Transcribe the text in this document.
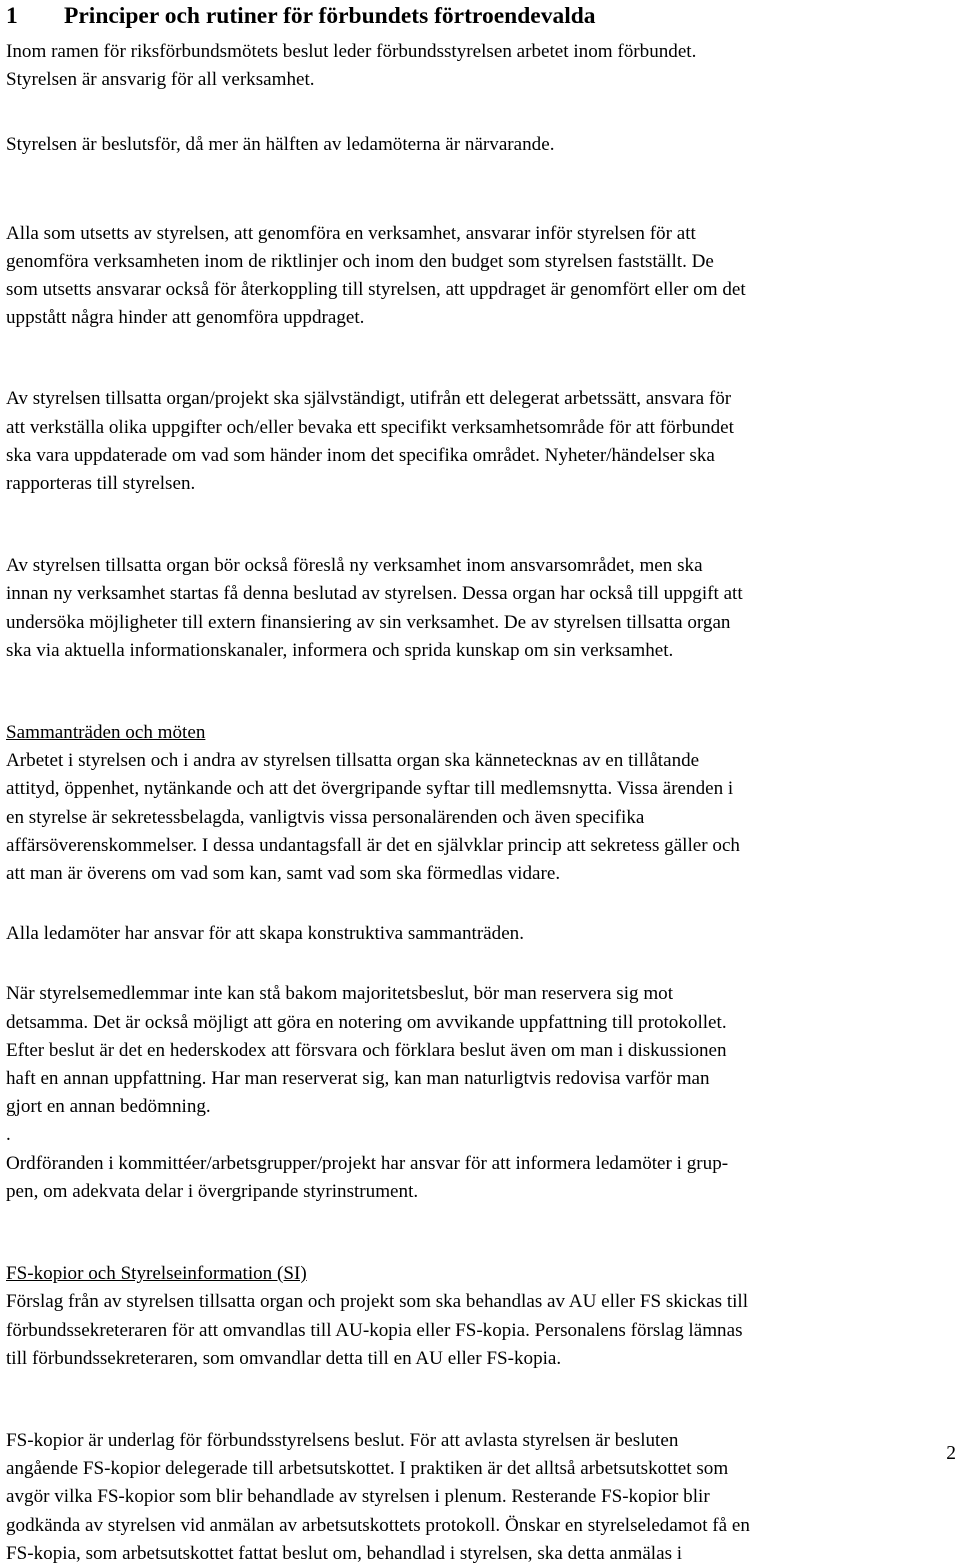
1 Principer och rutiner för förbundets förtroendevalda
Inom ramen för riksförbundsmötets beslut leder förbundsstyrelsen arbetet inom förbundet.
Styrelsen är ansvarig för all verksamhet.
Styrelsen är beslutsför, då mer än hälften av ledamöterna är närvarande.
Alla som utsetts av styrelsen, att genomföra en verksamhet, ansvarar inför styrelsen för att
genomföra verksamheten inom de riktlinjer och inom den budget som styrelsen fastställt. De
som utsetts ansvarar också för återkoppling till styrelsen, att uppdraget är genomfört eller om det
uppstått några hinder att genomföra uppdraget.
Av styrelsen tillsatta organ/projekt ska självständigt, utifrån ett delegerat arbetssätt, ansvara för
att verkställa olika uppgifter och/eller bevaka ett specifikt verksamhetsområde för att förbundet
ska vara uppdaterade om vad som händer inom det specifika området. Nyheter/händelser ska
rapporteras till styrelsen.
Av styrelsen tillsatta organ bör också föreslå ny verksamhet inom ansvarsområdet, men ska
innan ny verksamhet startas få denna beslutad av styrelsen. Dessa organ har också till uppgift att
undersöka möjligheter till extern finansiering av sin verksamhet. De av styrelsen tillsatta organ
ska via aktuella informationskanaler, informera och sprida kunskap om sin verksamhet.
Sammanträden och möten
Arbetet i styrelsen och i andra av styrelsen tillsatta organ ska kännetecknas av en tillåtande
attityd, öppenhet, nytänkande och att det övergripande syftar till medlemsnytta. Vissa ärenden i
en styrelse är sekretessbelagda, vanligtvis vissa personalärenden och även specifika
affärsöverenskommelser. I dessa undantagsfall är det en självklar princip att sekretess gäller och
att man är överens om vad som kan, samt vad som ska förmedlas vidare.
Alla ledamöter har ansvar för att skapa konstruktiva sammanträden.
När styrelsemedlemmar inte kan stå bakom majoritetsbeslut, bör man reservera sig mot
detsamma. Det är också möjligt att göra en notering om avvikande uppfattning till protokollet.
Efter beslut är det en hederskodex att försvara och förklara beslut även om man i diskussionen
haft en annan uppfattning. Har man reserverat sig, kan man naturligtvis redovisa varför man
gjort en annan bedömning.
.
Ordföranden i kommittéer/arbetsgrupper/projekt har ansvar för att informera ledamöter i grup-
pen, om adekvata delar i övergripande styrinstrument.
FS-kopior och Styrelseinformation (SI)
Förslag från av styrelsen tillsatta organ och projekt som ska behandlas av AU eller FS skickas till
förbundssekreteraren för att omvandlas till AU-kopia eller FS-kopia. Personalens förslag lämnas
till förbundssekreteraren, som omvandlar detta till en AU eller FS-kopia.
FS-kopior är underlag för förbundsstyrelsens beslut. För att avlasta styrelsen är besluten
angående FS-kopior delegerade till arbetsutskottet. I praktiken är det alltså arbetsutskottet som
avgör vilka FS-kopior som blir behandlade av styrelsen i plenum. Resterande FS-kopior blir
godkända av styrelsen vid anmälan av arbetsutskottets protokoll. Önskar en styrelseledamot få en
FS-kopia, som arbetsutskottet fattat beslut om, behandlad i styrelsen, ska detta anmälas i
2
